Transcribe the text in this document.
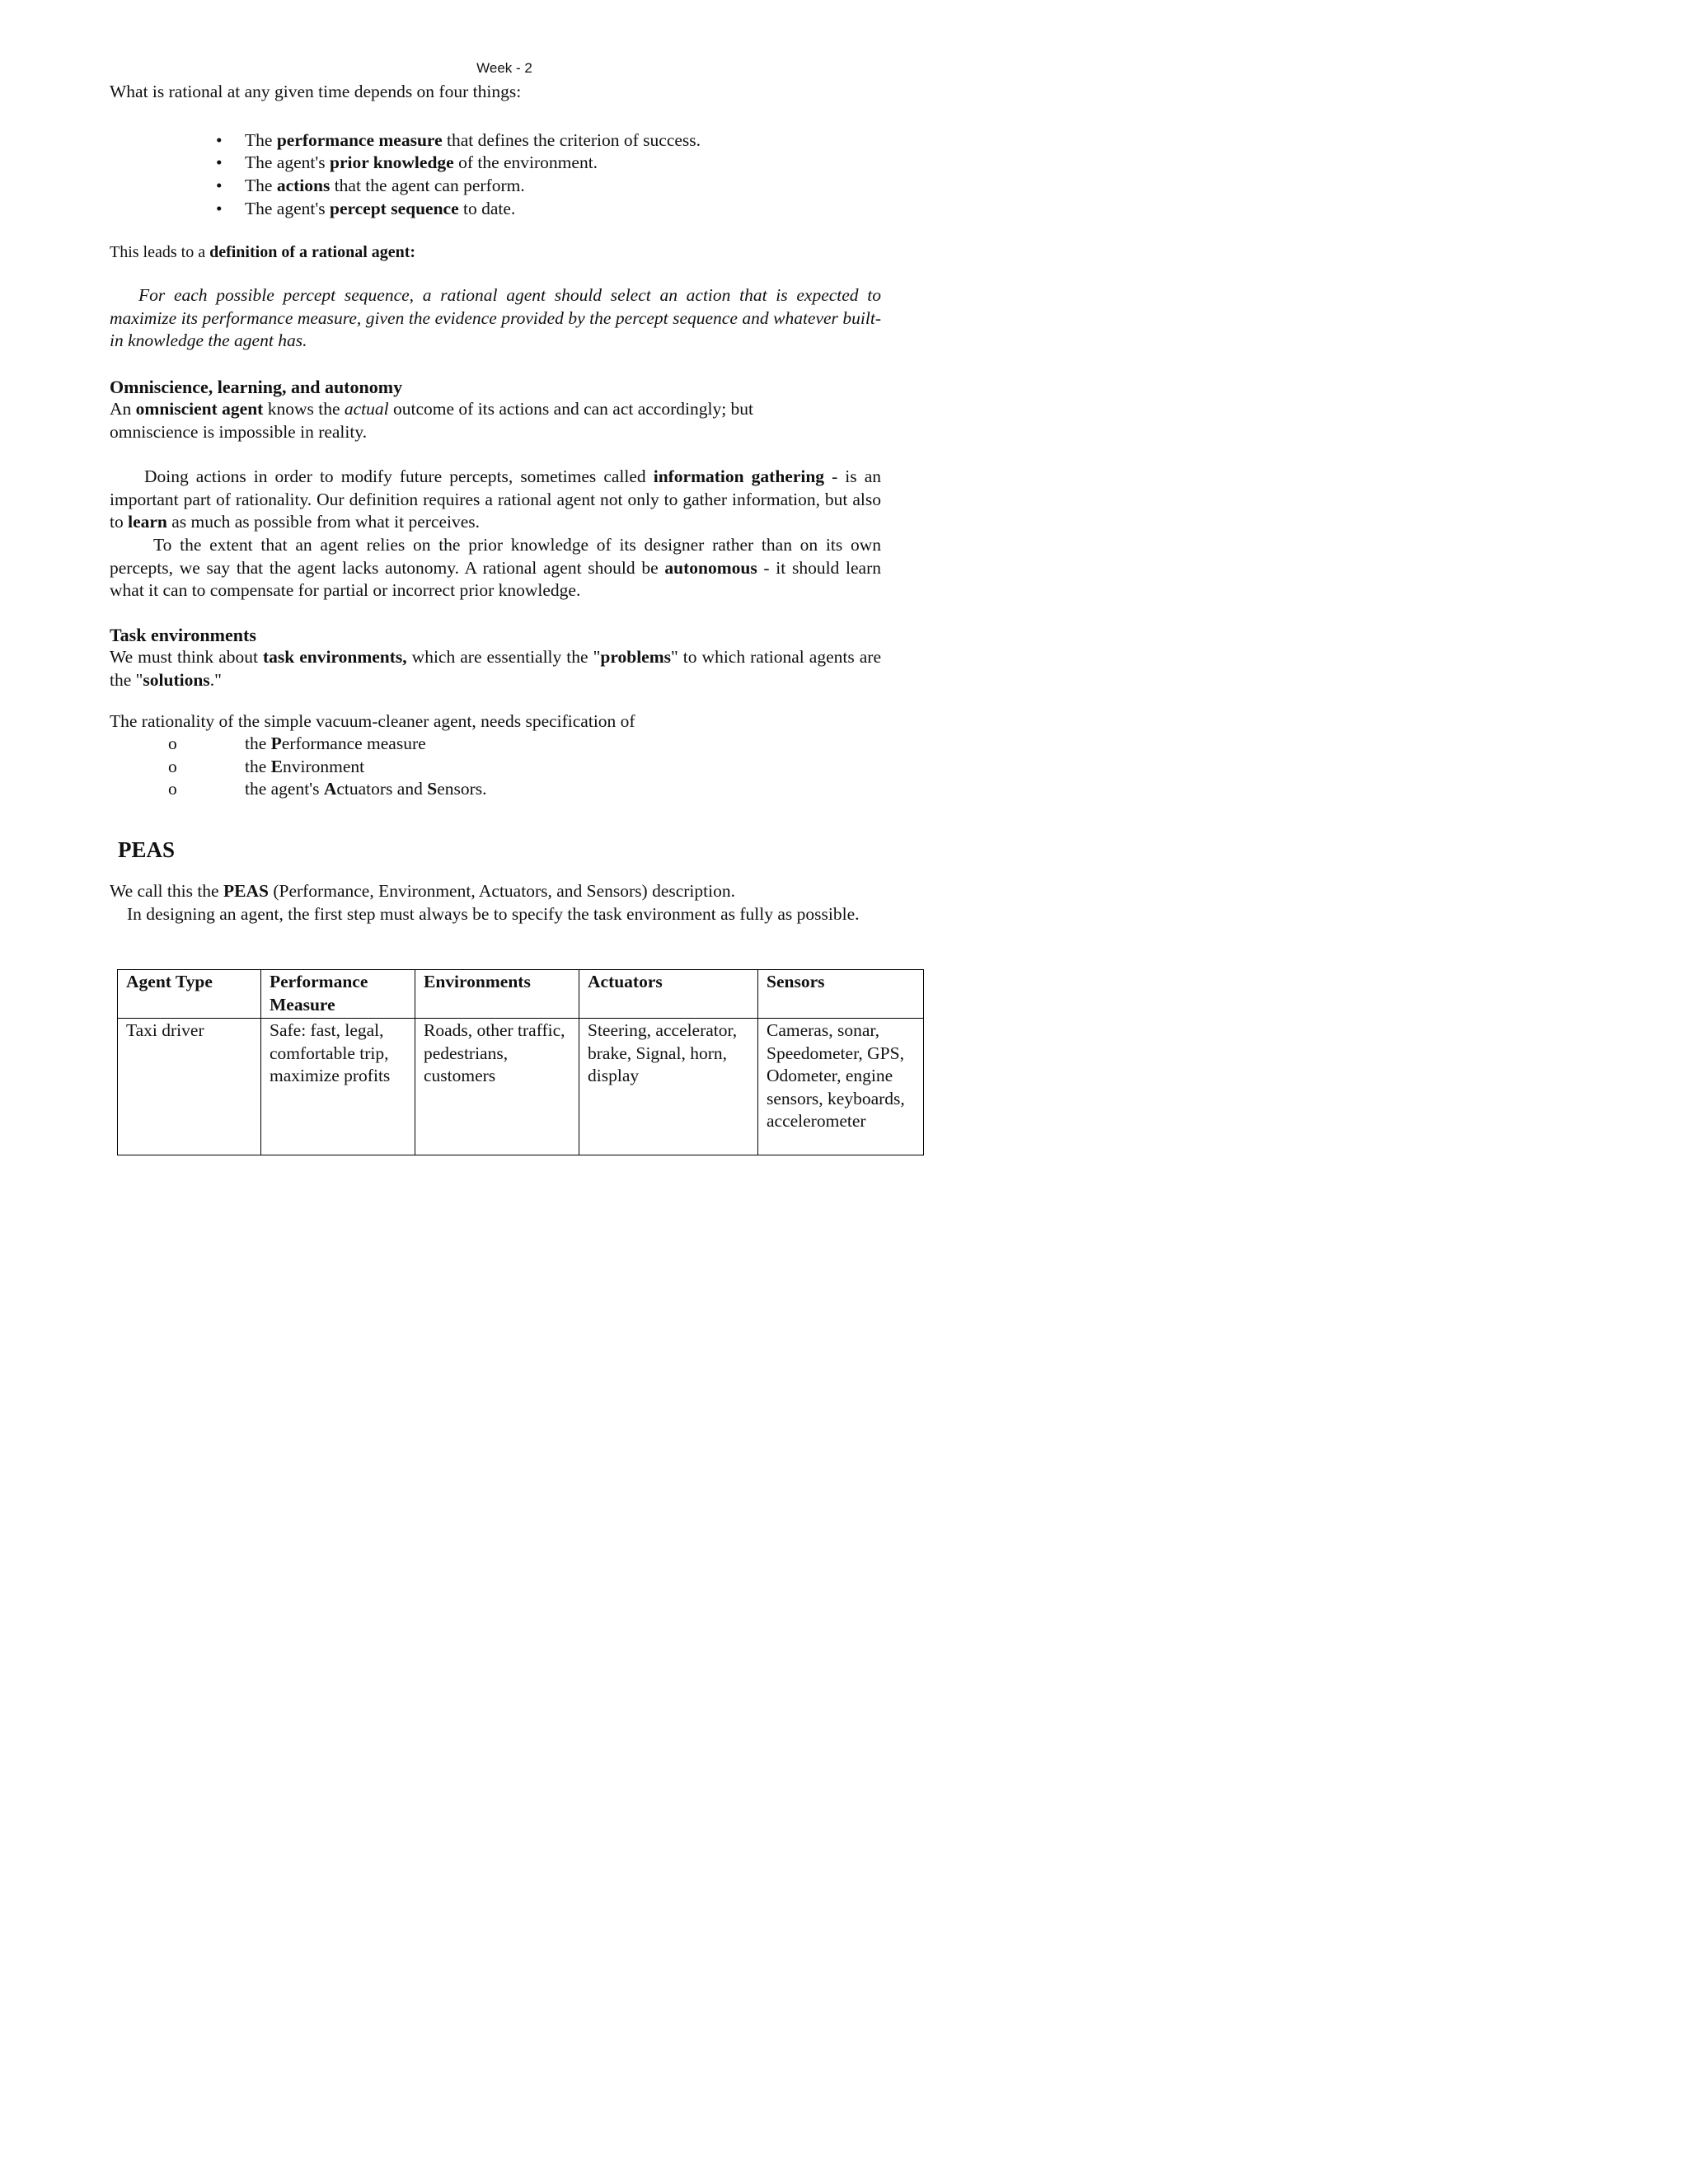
Week - 2
What is rational at any given time depends on four things:
• The performance measure that defines the criterion of success.
• The agent's prior knowledge of the environment.
• The actions that the agent can perform.
• The agent's percept sequence to date.
This leads to a definition of a rational agent:
For each possible percept sequence, a rational agent should select an action that is expected to maximize its performance measure, given the evidence provided by the percept sequence and whatever built-in knowledge the agent has.
Omniscience, learning, and autonomy
An omniscient agent knows the actual outcome of its actions and can act accordingly; but omniscience is impossible in reality.
Doing actions in order to modify future percepts, sometimes called information gathering - is an important part of rationality. Our definition requires a rational agent not only to gather information, but also to learn as much as possible from what it perceives.
To the extent that an agent relies on the prior knowledge of its designer rather than on its own percepts, we say that the agent lacks autonomy. A rational agent should be autonomous - it should learn what it can to compensate for partial or incorrect prior knowledge.
Task environments
We must think about task environments, which are essentially the "problems" to which rational agents are the "solutions."
The rationality of the simple vacuum-cleaner agent, needs specification of
o	the Performance measure
o	the Environment
o	the agent's Actuators and Sensors.
PEAS
We call this the PEAS (Performance, Environment, Actuators, and Sensors) description.
In designing an agent, the first step must always be to specify the task environment as fully as possible.
Agent Type	Performance Measure	Environments	Actuators	Sensors
Taxi driver	Safe: fast, legal, comfortable trip, maximize profits	Roads, other traffic, pedestrians, customers	Steering, accelerator, brake, Signal, horn, display	Cameras, sonar, Speedometer, GPS, Odometer, engine sensors, keyboards, accelerometer
